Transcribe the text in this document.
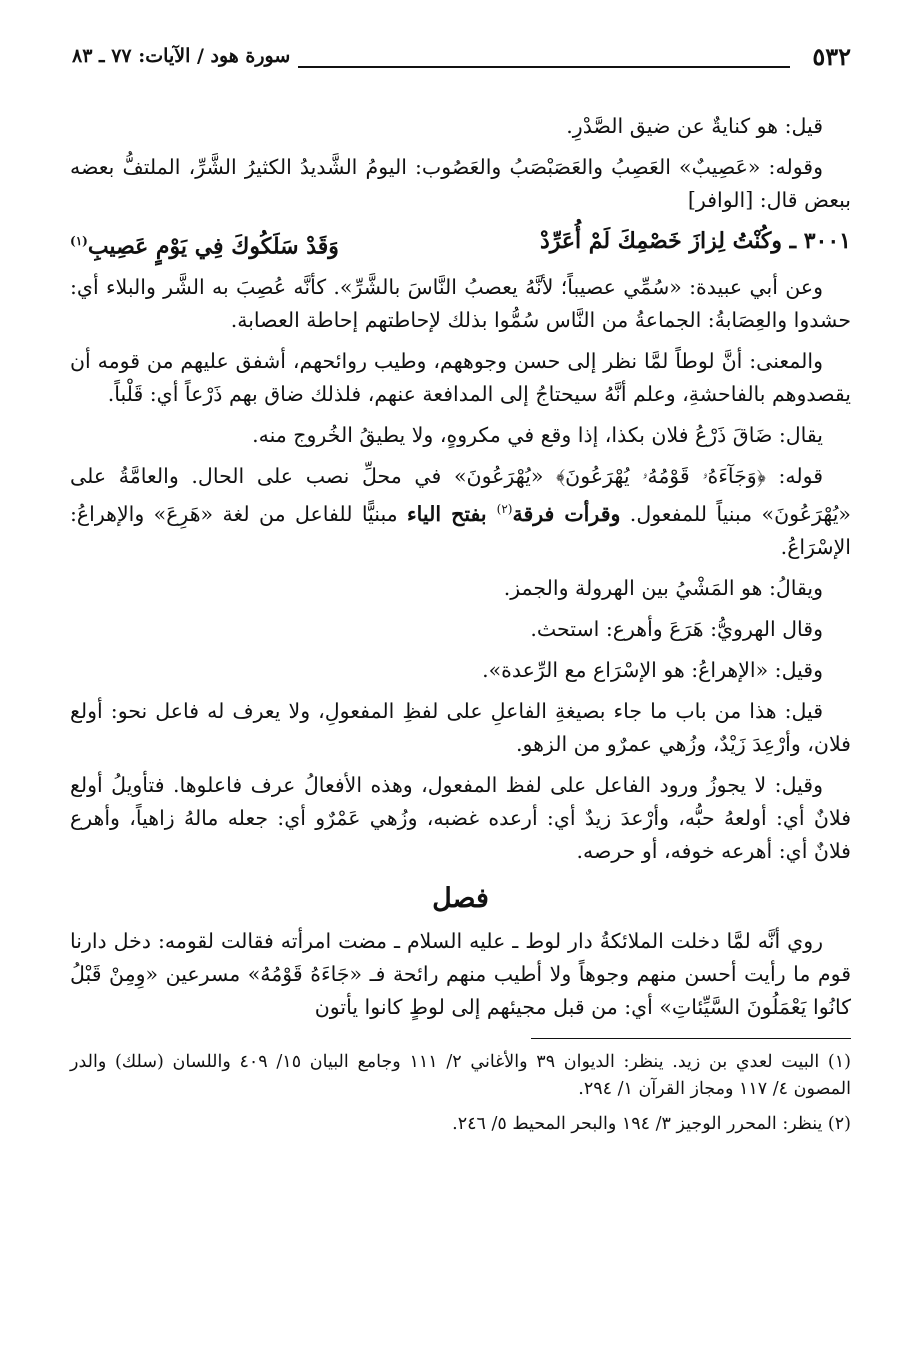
٥٣٢
سورة هود / الآيات: ٧٧ ـ ٨٣

قيل: هو كنايةٌ عن ضيق الصَّدْرِ.

وقوله: «عَصِيبٌ» العَصِبُ والعَصَبْصَبُ والعَصُوب: اليومُ الشَّديدُ الكثيرُ الشَّرِّ، الملتفُّ بعضه ببعض قال: [الوافر]

٣٠٠١ ـ وكُنْتُ لِزازَ خَصْمِكَ لَمْ أُعَرِّدْ
وَقَدْ سَلَكُوكَ فِي يَوْمٍ عَصِيبِ$^{(١)}$

وعن أبي عبيدة: «سُمِّي عصيباً؛ لأنَّهُ يعصبُ النَّاسَ بالشَّرِّ». كأنَّه عُصِبَ به الشَّر والبلاء أي: حشدوا والعِصَابةُ: الجماعةُ من النَّاس سُمُّوا بذلك لإحاطتهم إحاطة العصابة.

والمعنى: أنَّ لوطاً لمَّا نظر إلى حسن وجوههم، وطيب روائحهم، أشفق عليهم من قومه أن يقصدوهم بالفاحشةِ، وعلم أنَّهُ سيحتاجُ إلى المدافعة عنهم، فلذلك ضاق بهم ذَرْعاً أي: قَلْباً.

يقال: ضَاقَ ذَرْعُ فلان بكذا، إذا وقع في مكروهٍ، ولا يطيقُ الخُروج منه.

قوله: ﴿وَجَآءَهُۥ قَوْمُهُۥ يُهْرَعُونَ﴾ «يُهْرَعُونَ» في محلِّ نصب على الحال. والعامَّةُ على «يُهْرَعُونَ» مبنياً للمفعول. وقرأت فرقة$^{(٢)}$ بفتح الياء مبنيًّا للفاعل من لغة «هَرِعَ» والإهراعُ: الإسْرَاعُ.

ويقالُ: هو المَشْيُ بين الهرولة والجمز.

وقال الهرويُّ: هَرَعَ وأهرع: استحث.

وقيل: «الإهراعُ: هو الإسْرَاع مع الرِّعدة».

قيل: هذا من باب ما جاء بصيغةِ الفاعلِ على لفظِ المفعولِ، ولا يعرف له فاعل نحو: أولع فلان، وأرْعِدَ زَيْدٌ، وزُهي عمرٌو من الزهو.

وقيل: لا يجوزُ ورود الفاعل على لفظ المفعول، وهذه الأفعالُ عرف فاعلوها. فتأويلُ أولع فلانٌ أي: أولعهُ حبُّه، وأرْعدَ زيدٌ أي: أرعده غضبه، وزُهي عَمْرٌو أي: جعله مالهُ زاهياً، وأهرع فلانٌ أي: أهرعه خوفه، أو حرصه.

فصل

روي أنَّه لمَّا دخلت الملائكةُ دار لوط ـ عليه السلام ـ مضت امرأته فقالت لقومه: دخل دارنا قوم ما رأيت أحسن منهم وجوهاً ولا أطيب منهم رائحة فـ «جَاءَهُ قَوْمُهُ» مسرعين «وِمِنْ قَبْلُ كانُوا يَعْمَلُونَ السَّيِّئاتِ» أي: من قبل مجيئهم إلى لوطٍ كانوا يأتون

(١) البيت لعدي بن زيد. ينظر: الديوان ٣٩ والأغاني ٢/ ١١١ وجامع البيان ١٥/ ٤٠٩ واللسان (سلك) والدر المصون ٤/ ١١٧ ومجاز القرآن ١/ ٢٩٤.

(٢) ينظر: المحرر الوجيز ٣/ ١٩٤ والبحر المحيط ٥/ ٢٤٦.
